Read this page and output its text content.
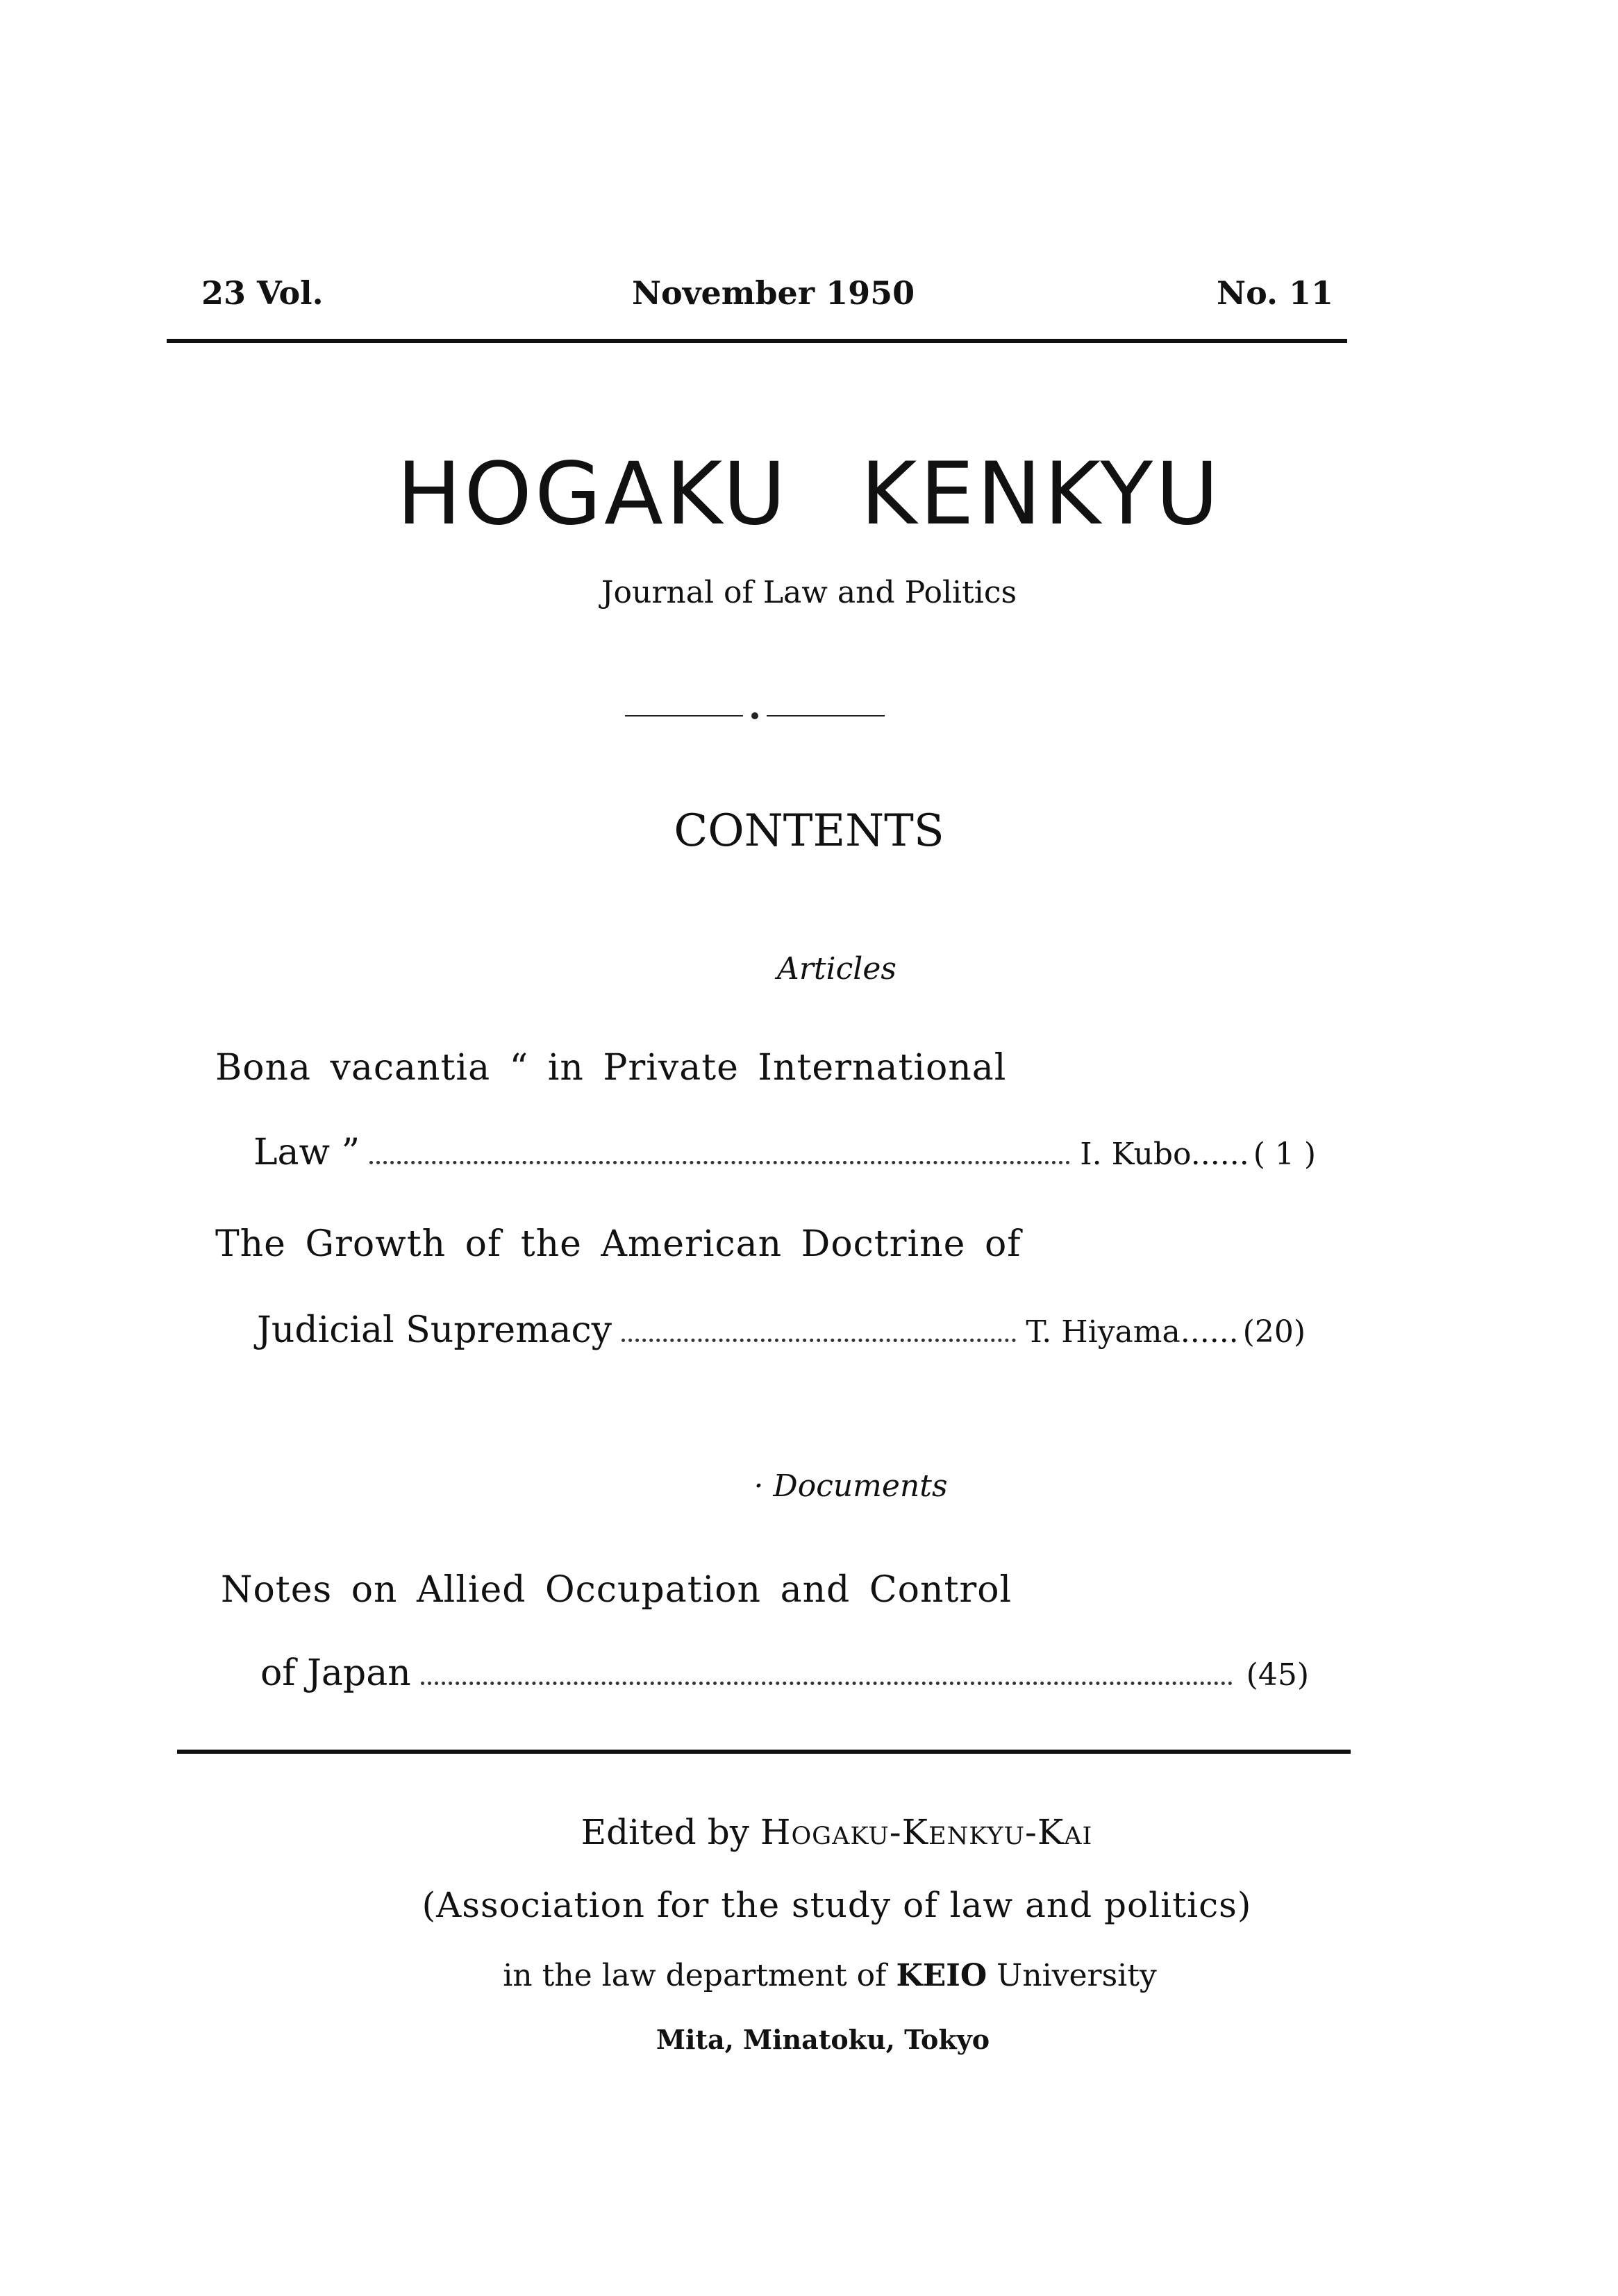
23 Vol.	November 1950	No. 11
HOGAKU KENKYU
Journal of Law and Politics
CONTENTS
Articles
Bona vacantia “ in Private International
Law ”	I. Kubo...... ( 1 )
The Growth of the American Doctrine of
Judicial Supremacy	T. Hiyama...... (20)
· Documents
Notes on Allied Occupation and Control
of Japan	(45)
Edited by Hogaku-Kenkyu-Kai
(Association for the study of law and politics)
in the law department of KEIO University
Mita, Minatoku, Tokyo
